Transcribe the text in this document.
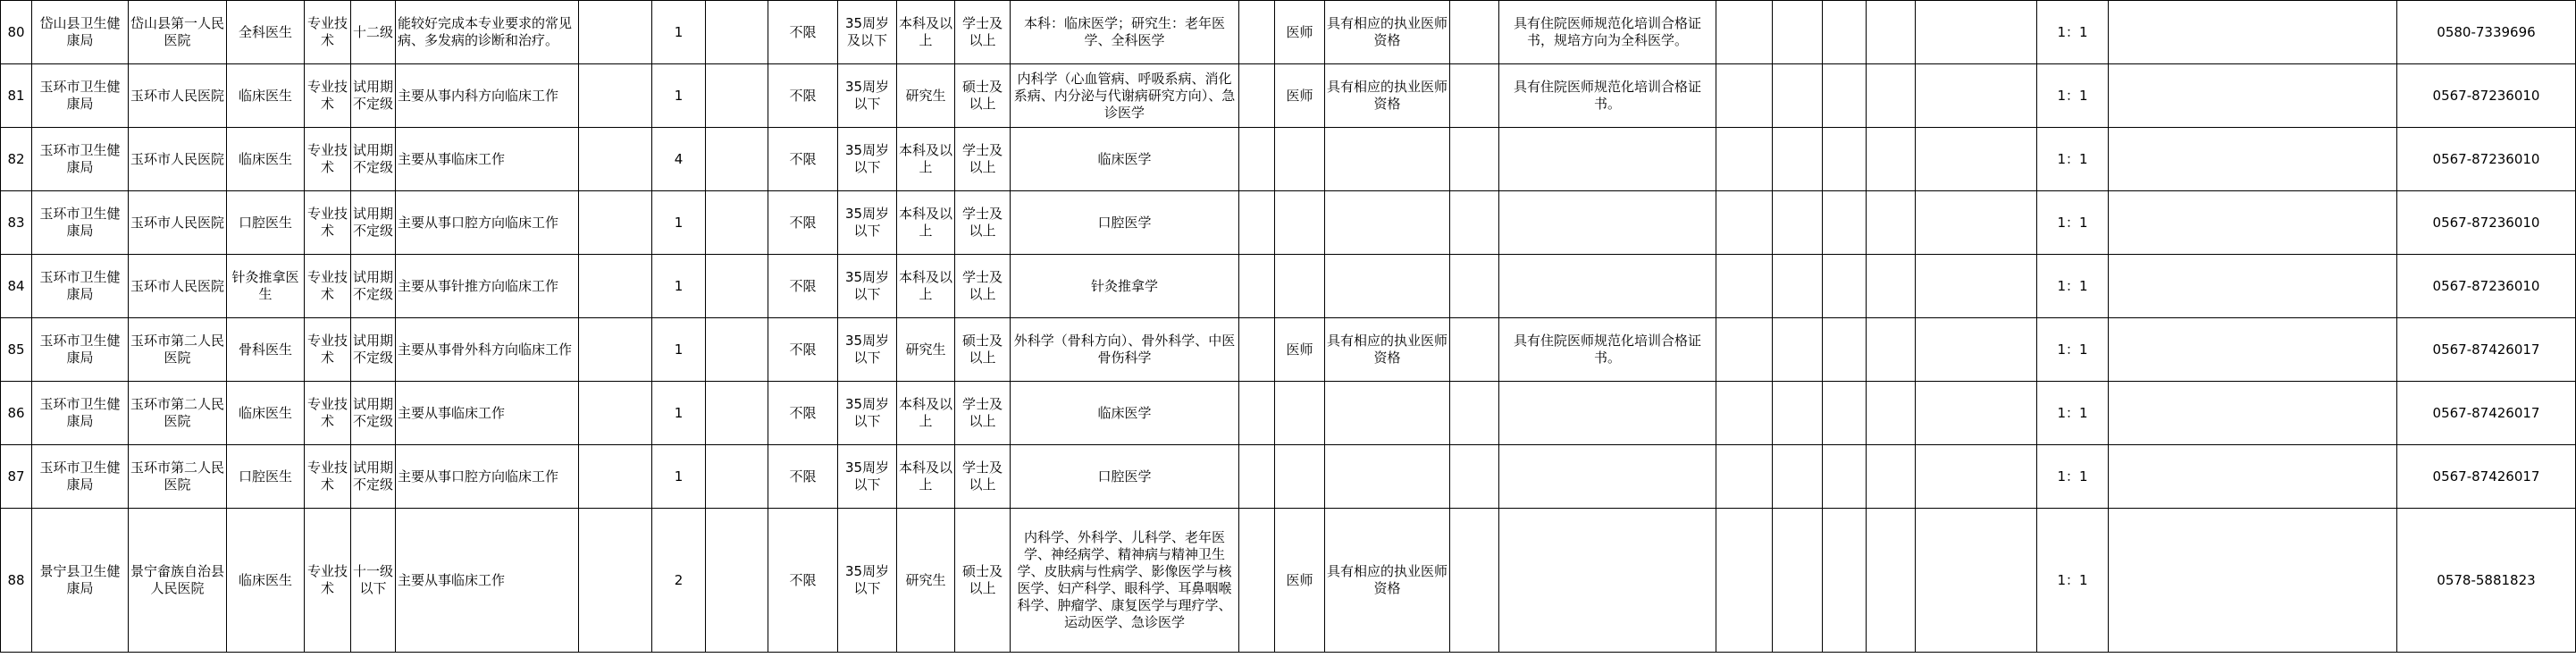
80	岱山县卫生健康局	岱山县第一人民医院	全科医生	专业技术	十二级	能较好完成本专业要求的常见病、多发病的诊断和治疗。		1		不限	35周岁及以下	本科及以上	学士及以上	本科：临床医学；研究生：老年医学、全科医学		医师	具有相应的执业医师资格		具有住院医师规范化培训合格证书，规培方向为全科医学。						1：1		0580-7339696
81	玉环市卫生健康局	玉环市人民医院	临床医生	专业技术	试用期不定级	主要从事内科方向临床工作		1		不限	35周岁以下	研究生	硕士及以上	内科学（心血管病、呼吸系病、消化系病、内分泌与代谢病研究方向）、急诊医学		医师	具有相应的执业医师资格		具有住院医师规范化培训合格证书。						1：1		0567-87236010
82	玉环市卫生健康局	玉环市人民医院	临床医生	专业技术	试用期不定级	主要从事临床工作		4		不限	35周岁以下	本科及以上	学士及以上	临床医学											1：1		0567-87236010
83	玉环市卫生健康局	玉环市人民医院	口腔医生	专业技术	试用期不定级	主要从事口腔方向临床工作		1		不限	35周岁以下	本科及以上	学士及以上	口腔医学											1：1		0567-87236010
84	玉环市卫生健康局	玉环市人民医院	针灸推拿医生	专业技术	试用期不定级	主要从事针推方向临床工作		1		不限	35周岁以下	本科及以上	学士及以上	针灸推拿学											1：1		0567-87236010
85	玉环市卫生健康局	玉环市第二人民医院	骨科医生	专业技术	试用期不定级	主要从事骨外科方向临床工作		1		不限	35周岁以下	研究生	硕士及以上	外科学（骨科方向）、骨外科学、中医骨伤科学		医师	具有相应的执业医师资格		具有住院医师规范化培训合格证书。						1：1		0567-87426017
86	玉环市卫生健康局	玉环市第二人民医院	临床医生	专业技术	试用期不定级	主要从事临床工作		1		不限	35周岁以下	本科及以上	学士及以上	临床医学											1：1		0567-87426017
87	玉环市卫生健康局	玉环市第二人民医院	口腔医生	专业技术	试用期不定级	主要从事口腔方向临床工作		1		不限	35周岁以下	本科及以上	学士及以上	口腔医学											1：1		0567-87426017
88	景宁县卫生健康局	景宁畲族自治县人民医院	临床医生	专业技术	十一级以下	主要从事临床工作		2		不限	35周岁以下	研究生	硕士及以上	内科学、外科学、儿科学、老年医学、神经病学、精神病与精神卫生学、皮肤病与性病学、影像医学与核医学、妇产科学、眼科学、耳鼻咽喉科学、肿瘤学、康复医学与理疗学、运动医学、急诊医学		医师	具有相应的执业医师资格								1：1		0578-5881823
